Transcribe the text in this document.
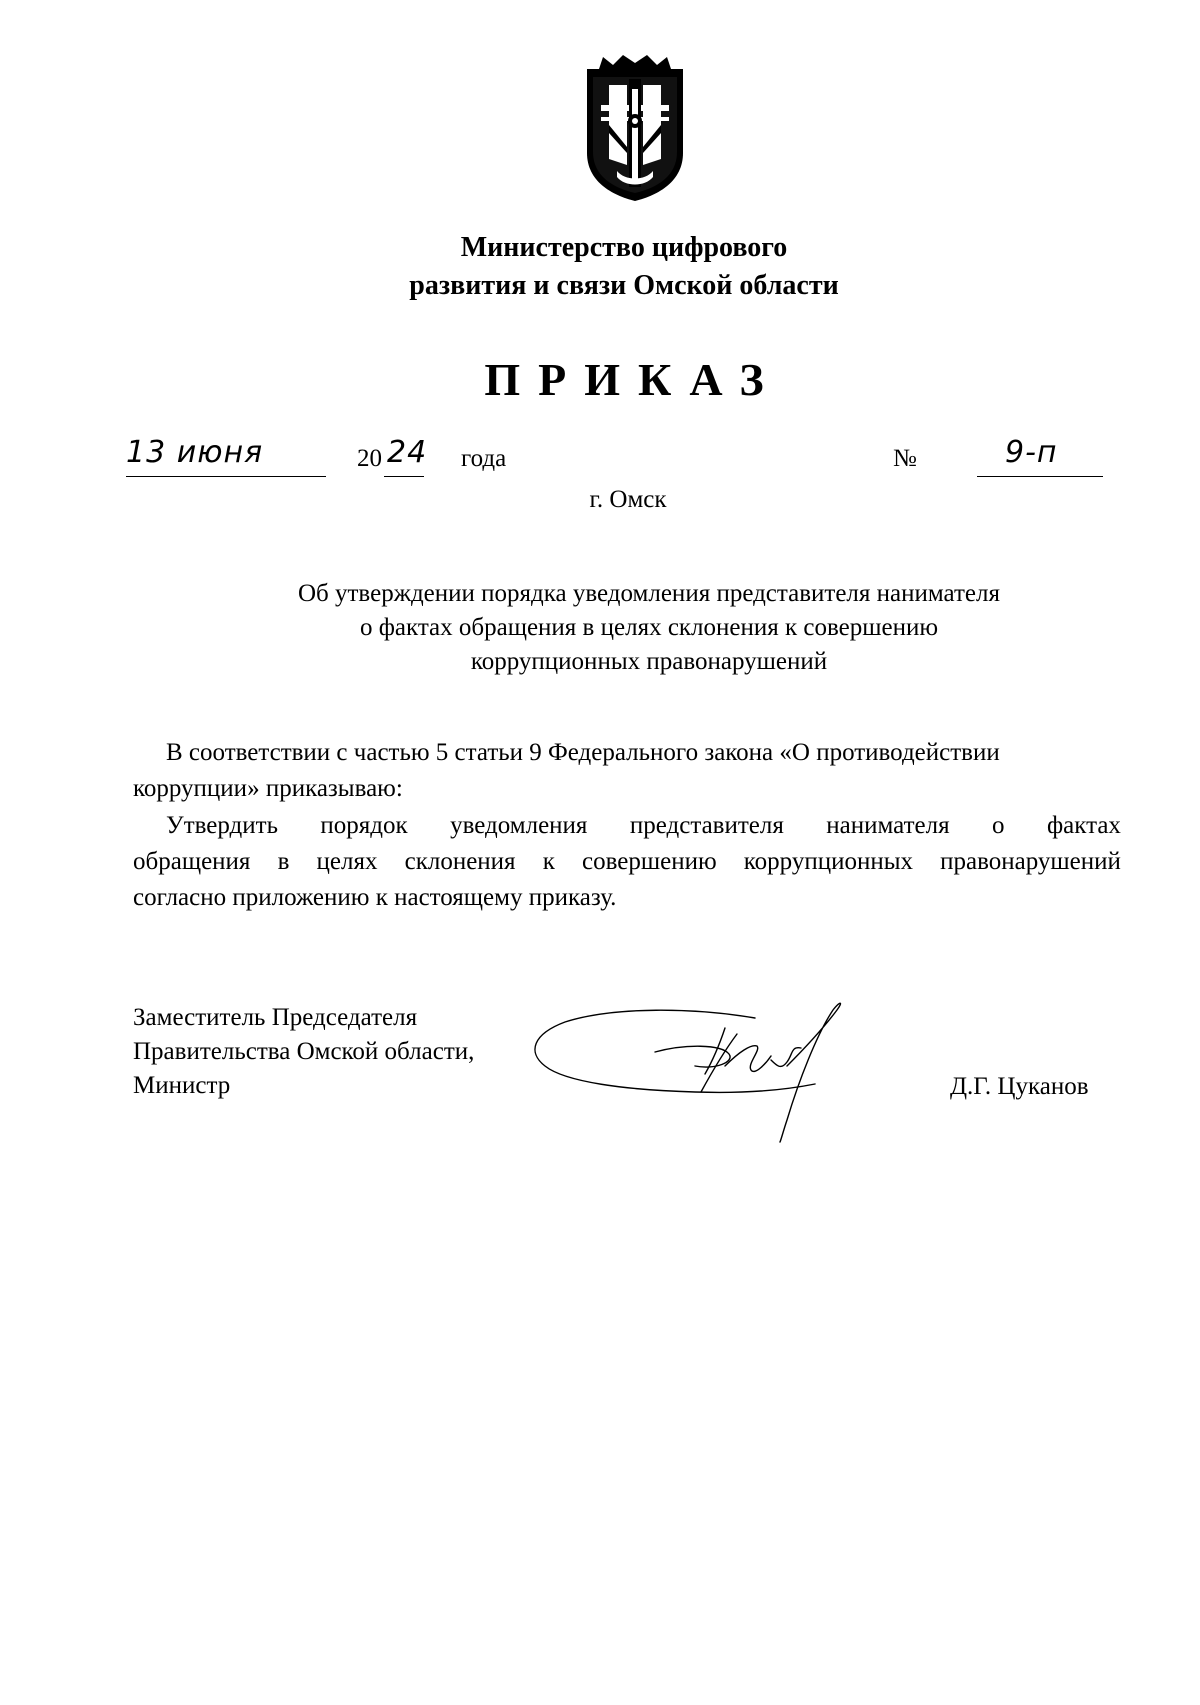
Министерство цифрового
развития и связи Омской области
ПРИКАЗ
13 июня	20 24	года	№	9-п
г. Омск
Об утверждении порядка уведомления представителя нанимателя
о фактах обращения в целях склонения к совершению
коррупционных правонарушений
В соответствии с частью 5 статьи 9 Федерального закона «О противодействии
коррупции» приказываю:
Утвердить порядок уведомления представителя нанимателя о фактах
обращения в целях склонения к совершению коррупционных правонарушений
согласно приложению к настоящему приказу.
Заместитель Председателя
Правительства Омской области,
Министр	Д.Г. Цуканов
